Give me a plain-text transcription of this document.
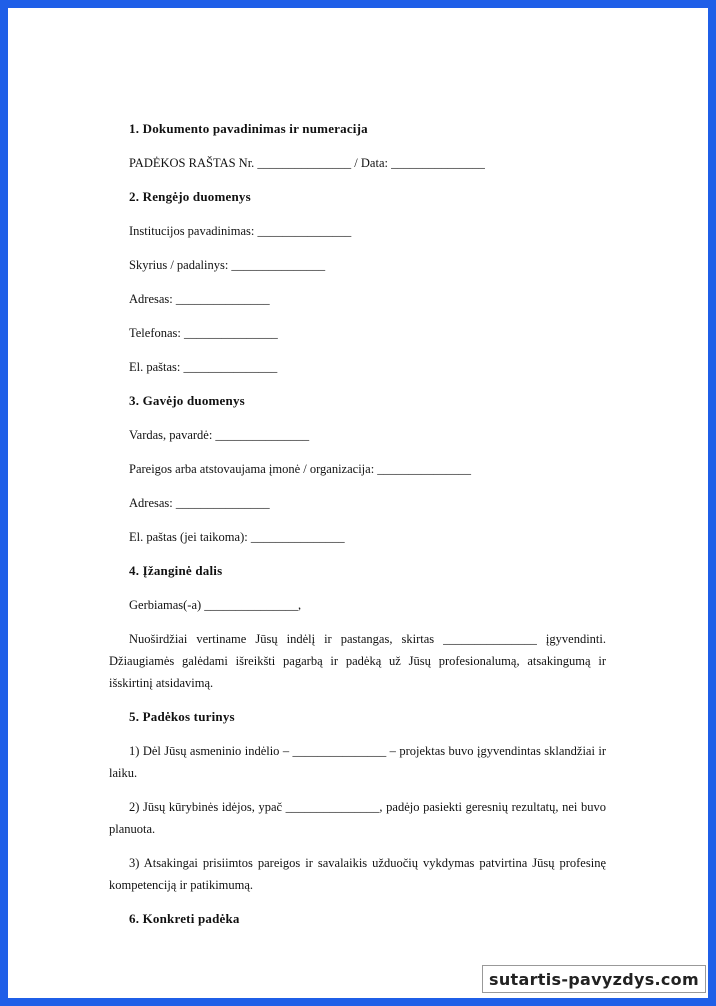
1. Dokumento pavadinimas ir numeracija
PADĖKOS RAŠTAS Nr. _______________ / Data: _______________
2. Rengėjo duomenys
Institucijos pavadinimas: _______________
Skyrius / padalinys: _______________
Adresas: _______________
Telefonas: _______________
El. paštas: _______________
3. Gavėjo duomenys
Vardas, pavardė: _______________
Pareigos arba atstovaujama įmonė / organizacija: _______________
Adresas: _______________
El. paštas (jei taikoma): _______________
4. Įžanginė dalis
Gerbiamas(-a) _______________,
Nuoširdžiai vertiname Jūsų indėlį ir pastangas, skirtas _______________ įgyvendinti. Džiaugiamės galėdami išreikšti pagarbą ir padėką už Jūsų profesionalumą, atsakingumą ir išskirtinį atsidavimą.
5. Padėkos turinys
1) Dėl Jūsų asmeninio indėlio – _______________ – projektas buvo įgyvendintas sklandžiai ir laiku.
2) Jūsų kūrybinės idėjos, ypač _______________, padėjo pasiekti geresnių rezultatų, nei buvo planuota.
3) Atsakingai prisiimtos pareigos ir savalaikis užduočių vykdymas patvirtina Jūsų profesinę kompetenciją ir patikimumą.
6. Konkreti padėka
sutartis-pavyzdys.com
